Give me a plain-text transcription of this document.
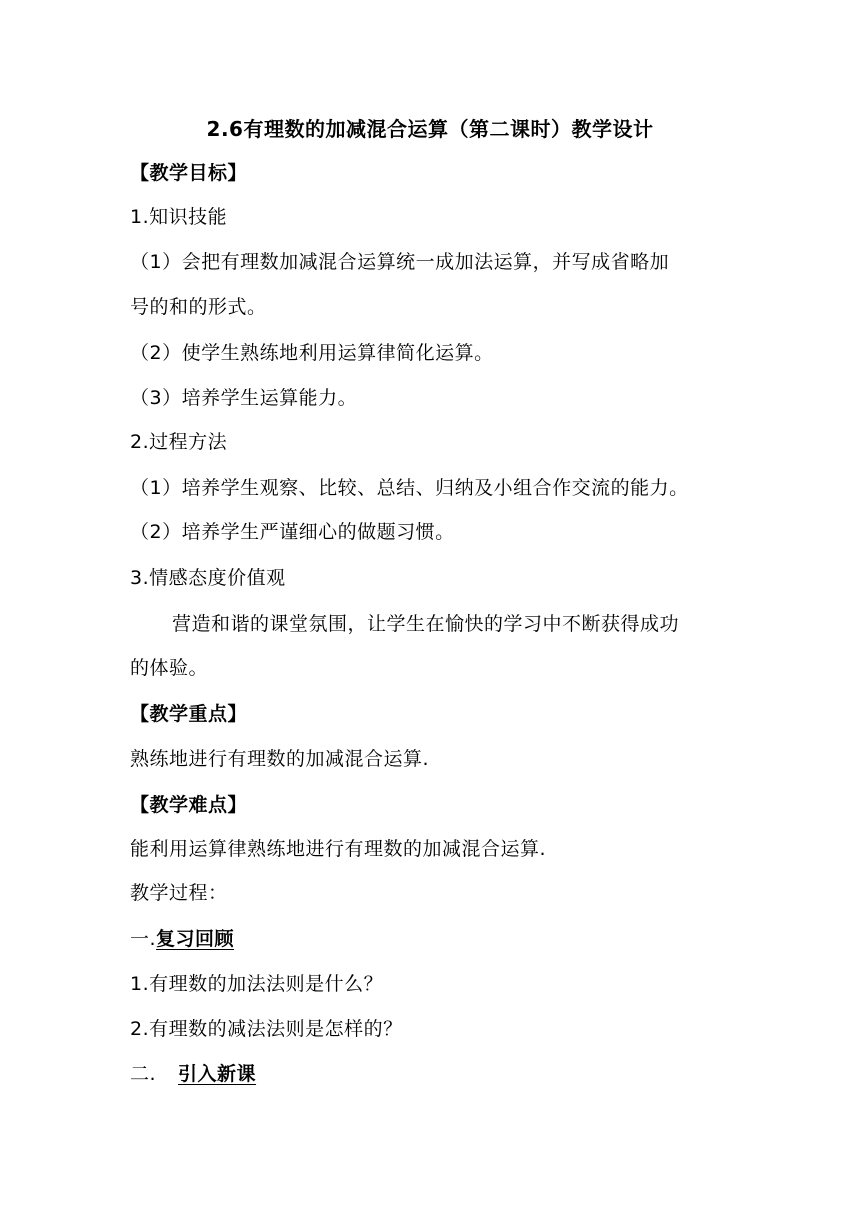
2.6有理数的加减混合运算（第二课时）教学设计
【教学目标】
1.知识技能
（1）会把有理数加减混合运算统一成加法运算，并写成省略加
号的和的形式。
（2）使学生熟练地利用运算律简化运算。
（3）培养学生运算能力。
2.过程方法
（1）培养学生观察、比较、总结、归纳及小组合作交流的能力。
（2）培养学生严谨细心的做题习惯。
3.情感态度价值观
营造和谐的课堂氛围，让学生在愉快的学习中不断获得成功
的体验。
【教学重点】
熟练地进行有理数的加减混合运算.
【教学难点】
能利用运算律熟练地进行有理数的加减混合运算.
教学过程：
一.复习回顾
1.有理数的加法法则是什么？
2.有理数的减法法则是怎样的？
二. 引入新课
